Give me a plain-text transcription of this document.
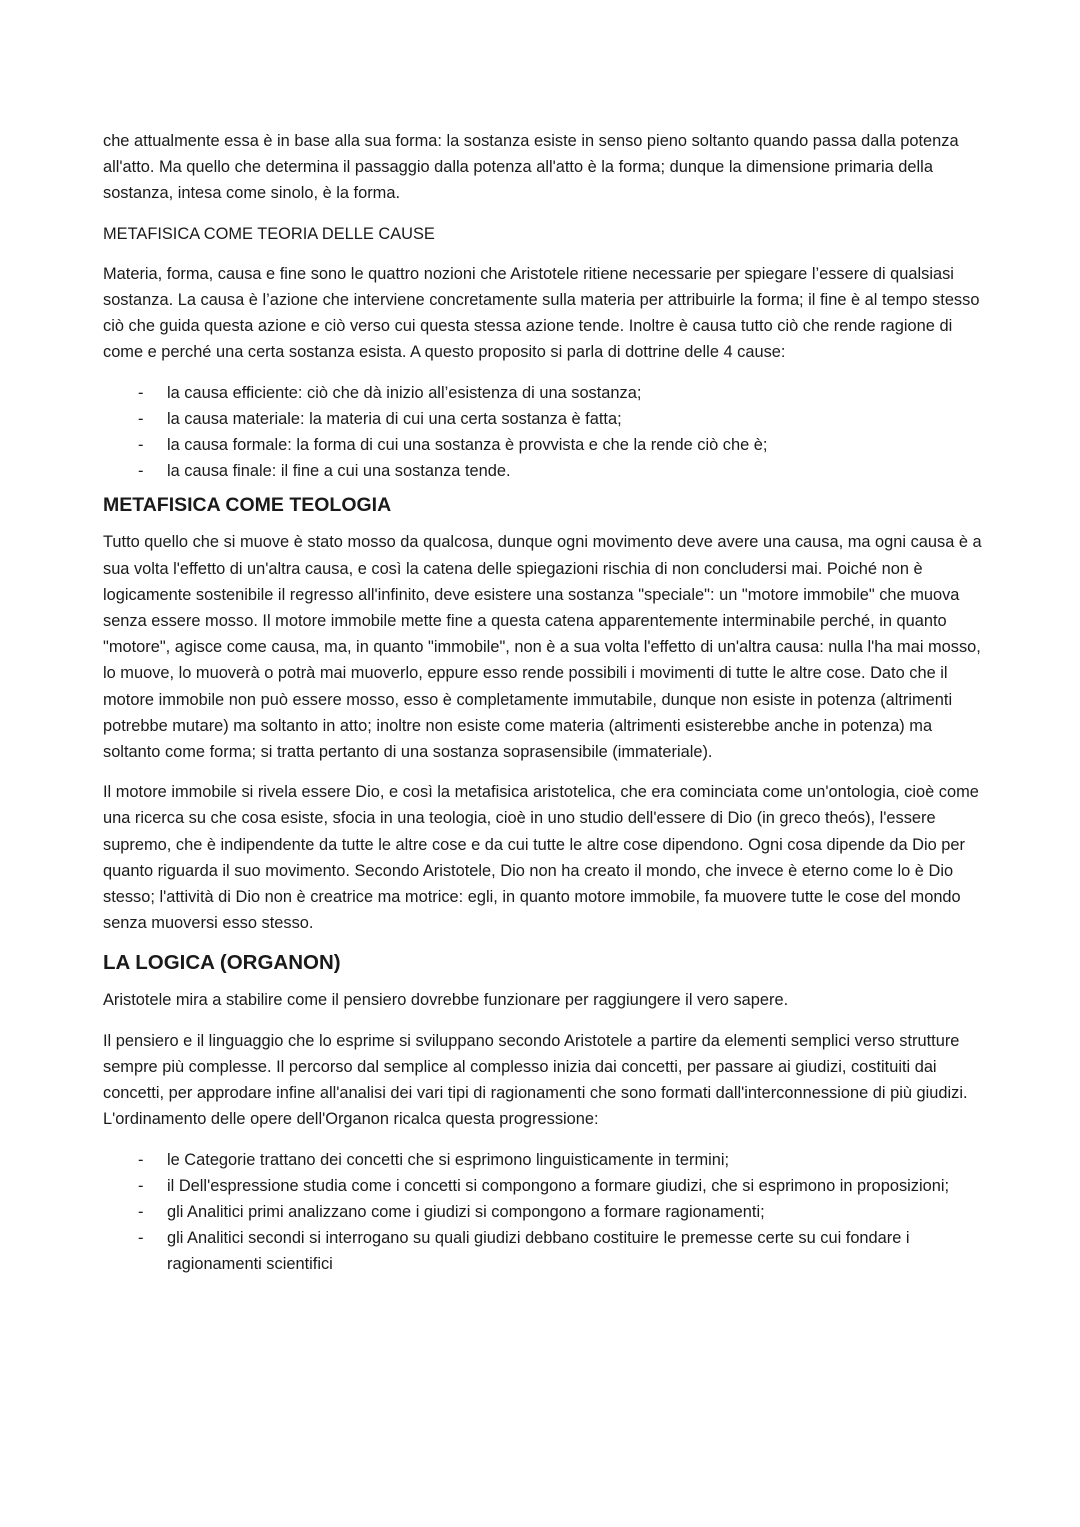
che attualmente essa è in base alla sua forma: la sostanza esiste in senso pieno soltanto quando passa dalla potenza all'atto. Ma quello che determina il passaggio dalla potenza all'atto è la forma; dunque la dimensione primaria della sostanza, intesa come sinolo, è la forma.

METAFISICA COME TEORIA DELLE CAUSE

Materia, forma, causa e fine sono le quattro nozioni che Aristotele ritiene necessarie per spiegare l’essere di qualsiasi sostanza. La causa è l’azione che interviene concretamente sulla materia per attribuirle la forma; il fine è al tempo stesso ciò che guida questa azione e ciò verso cui questa stessa azione tende. Inoltre è causa tutto ciò che rende ragione di come e perché una certa sostanza esista. A questo proposito si parla di dottrine delle 4 cause:

- la causa efficiente: ciò che dà inizio all’esistenza di una sostanza;
- la causa materiale: la materia di cui una certa sostanza è fatta;
- la causa formale: la forma di cui una sostanza è provvista e che la rende ciò che è;
- la causa finale: il fine a cui una sostanza tende.
METAFISICA COME TEOLOGIA

Tutto quello che si muove è stato mosso da qualcosa, dunque ogni movimento deve avere una causa, ma ogni causa è a sua volta l'effetto di un'altra causa, e così la catena delle spiegazioni rischia di non concludersi mai. Poiché non è logicamente sostenibile il regresso all'infinito, deve esistere una sostanza "speciale": un "motore immobile" che muova senza essere mosso. Il motore immobile mette fine a questa catena apparentemente interminabile perché, in quanto "motore", agisce come causa, ma, in quanto "immobile", non è a sua volta l'effetto di un'altra causa: nulla l'ha mai mosso, lo muove, lo muoverà o potrà mai muoverlo, eppure esso rende possibili i movimenti di tutte le altre cose. Dato che il motore immobile non può essere mosso, esso è completamente immutabile, dunque non esiste in potenza (altrimenti potrebbe mutare) ma soltanto in atto; inoltre non esiste come materia (altrimenti esisterebbe anche in potenza) ma soltanto come forma; si tratta pertanto di una sostanza soprasensibile (immateriale).

Il motore immobile si rivela essere Dio, e così la metafisica aristotelica, che era cominciata come un'ontologia, cioè come una ricerca su che cosa esiste, sfocia in una teologia, cioè in uno studio dell'essere di Dio (in greco theós), l'essere supremo, che è indipendente da tutte le altre cose e da cui tutte le altre cose dipendono. Ogni cosa dipende da Dio per quanto riguarda il suo movimento. Secondo Aristotele, Dio non ha creato il mondo, che invece è eterno come lo è Dio stesso; l'attività di Dio non è creatrice ma motrice: egli, in quanto motore immobile, fa muovere tutte le cose del mondo senza muoversi esso stesso.

LA LOGICA (ORGANON)

Aristotele mira a stabilire come il pensiero dovrebbe funzionare per raggiungere il vero sapere.

Il pensiero e il linguaggio che lo esprime si sviluppano secondo Aristotele a partire da elementi semplici verso strutture sempre più complesse. Il percorso dal semplice al complesso inizia dai concetti, per passare ai giudizi, costituiti dai concetti, per approdare infine all'analisi dei vari tipi di ragionamenti che sono formati dall'interconnessione di più giudizi. L'ordinamento delle opere dell'Organon ricalca questa progressione:

- le Categorie trattano dei concetti che si esprimono linguisticamente in termini;
- il Dell'espressione studia come i concetti si compongono a formare giudizi, che si esprimono in proposizioni;
- gli Analitici primi analizzano come i giudizi si compongono a formare ragionamenti;
- gli Analitici secondi si interrogano su quali giudizi debbano costituire le premesse certe su cui fondare i ragionamenti scientifici
